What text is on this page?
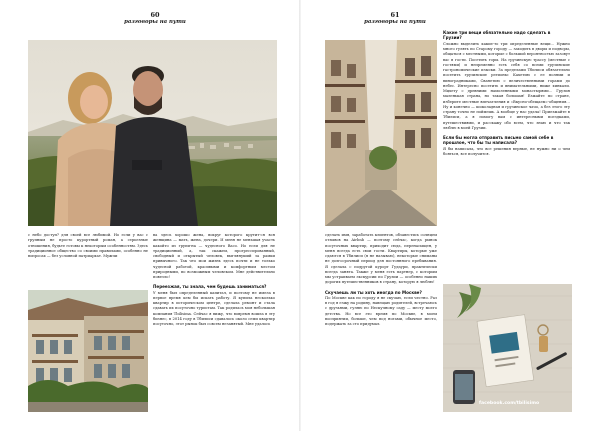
60
разговоры на пути

с небо доступ? для своей все любимой. Но если у вас с групным не просто курортный роман, а серьезные отношения, будьте готовы к некоторым особенностям. Здесь традиционное общество со своими правилами, особенно не вопросах — без условной патриархат. Мужчи

ва здесь хорошо жена, вокруг которого крутит-ся вся женщина — мать, жена, дочери. И меня не меньшая участь какойто из групи-на — чудесного Васо. Но если для не традиционный, а, так скажем, прогрессированный, свободный и открытый человек, выглянуший за рамки привычного. Так что мои жизнь здесь почти и не только чудесной работой, красивыми и комфортным местом природными, по возможным человеком. Мне действительно повезло!

Переезжая, ты знала, чем будешь заниматься?

У меня был определенный капитал, и поэтому не имела в первое время кем бы искать работу. Я купила несколько квартир в историческом центре, сделала ремонт и стала сдавать их посуточно туристам. Так родилась моя небольшая компания Tbilisima. Сейчас я вижу, что вовремя вошла в эту бизнес, в 2014 году в Тбилиси сдавалось около семи квартир посуточно, этот рынок был совсем незанятый. Мне удалось

61
разговоры на пути

сделать имя, заработать клиентов, обзавестись солнцем отзывов на Airbnb — поэтому сейчас, когда рынок посуточных квартир, приходит сюда, перенасыщен, у меня всегда есть свои гости. Квартиры, которые уже сдаются в Тбилиси (я не называю), некоторые сниманы не долгосрочный период для постоянного пребывания. Я сделала с подругой курорт Гудаури, практически всегда занята. Также у меня есть партнер, с которым мы устраиваем экскурсии по Грузии — особенно наших дорогих путешественников в страну, которую я люблю!

Скучаешь ли ты хоть иногда по Москве?

По Москве как по городу я не скучаю, если честно. Раз в год я езжу на родину, навещаю родителей, встречаюсь с друзьями, гуляю по Нескучному саду — месту моего детства. Но все это время по Москве, в моем восприятии, больше, чем под ногами, обычное место, подержать за сто придумал.

Какие три вещи обязательно надо сделать в Грузии?

Сложно выделить какие-то три определенные вещи… Нужно много гулять по Старому городу — заходить в дворы и подворы, общаться с местными, которые с большой вероятностью зазовут вас в гости. Посетить горы. На грузинскую трассу (местные с гостями) и непременно есть себя со всеми грузинские гастрономические изыски. За пределами Тбилиси обязательно посетить грузинские регионы: Кахетию с ее полями и виноградниками, Сванетию с величественными горами до небес. Интересно посетить и внимательными, ниже хинкали. Мцхету с древними намоленными монастырями… Грузия маленькая страна, но такая большая! Езжайте по стране, изберите местные впечатления и «Вкусно-обещаем»-общения… Ну и конечно — шоколадная и грузинское чачо, а без этого эту страну точно не поймешь. А вообще у нас удача! Приезжайте в Тбилиси, а я помогу вам с интересными поездками, путешествиями, и расскажу обо всем, что знаю и что так люблю в моей Грузии.

Если бы могла отправить письмо самой себе в прошлое, что бы ты написала?

Я бы написала, что все решения верные, не нужно ни о чем бояться, все получится.

facebook.com/tbilisimo
